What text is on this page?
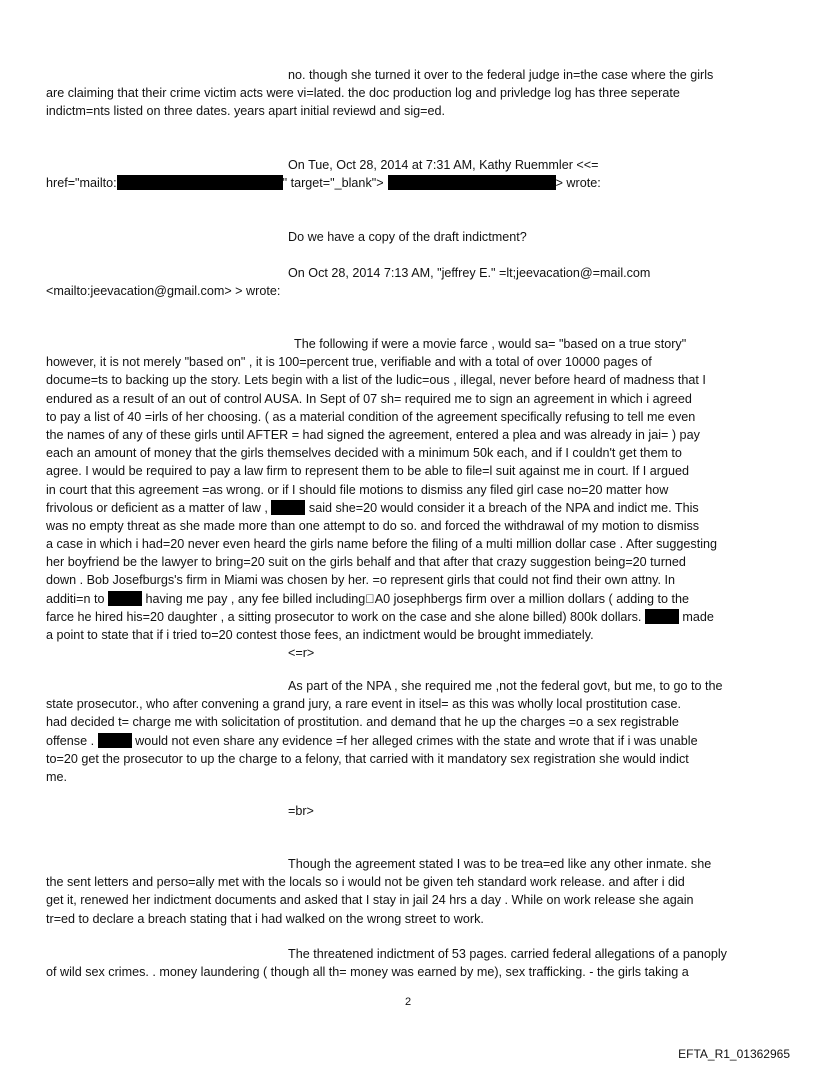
no. though she turned it over to the federal judge in=the case where the girls
are claiming that their crime victim acts were vi=lated. the doc production log and privledge log has three seperate
indictm=nts listed on three dates. years apart initial reviewd and sig=ed.
On Tue, Oct 28, 2014 at 7:31 AM, Kathy Ruemmler <<=
href="mailto:	" target="_blank">	> wrote:
Do we have a copy of the draft indictment?
On Oct 28, 2014 7:13 AM, "jeffrey E." =lt;jeevacation@=mail.com
<mailto:jeevacation@gmail.com> > wrote:
The following if were a movie farce , would sa= "based on a true story"
however, it is not merely "based on" , it is 100=percent true, verifiable and with a total of over 10000 pages of
docume=ts to backing up the story. Lets begin with a list of the ludic=ous , illegal, never before heard of madness that I
endured as a result of an out of control AUSA. In Sept of 07 sh= required me to sign an agreement in which i agreed
to pay a list of 40 =irls of her choosing. ( as a material condition of the agreement specifically refusing to tell me even
the names of any of these girls until AFTER = had signed the agreement, entered a plea and was already in jai= ) pay
each an amount of money that the girls themselves decided with a minimum 50k each, and if I couldn't get them to
agree. I would be required to pay a law firm to represent them to be able to file=l suit against me in court. If I argued
in court that this agreement =as wrong. or if I should file motions to dismiss any filed girl case no=20 matter how
frivolous or deficient as a matter of law ,	said she=20 would consider it a breach of the NPA and indict me. This
was no empty threat as she made more than one attempt to do so. and forced the withdrawal of my motion to dismiss
a case in which i had=20 never even heard the girls name before the filing of a multi million dollar case . After suggesting
her boyfriend be the lawyer to bring=20 suit on the girls behalf and that after that crazy suggestion being=20 turned
down . Bob Josefburgs's firm in Miami was chosen by her. =o represent girls that could not find their own attny. In
additi=n to	having me pay , any fee billed including A0 josephbergs firm over a million dollars ( adding to the
farce he hired his=20 daughter , a sitting prosecutor to work on the case and she alone billed) 800k dollars.	made
a point to state that if i tried to=20 contest those fees, an indictment would be brought immediately.
<=r>
As part of the NPA , she required me ,not the federal govt, but me, to go to the
state prosecutor., who after convening a grand jury, a rare event in itsel= as this was wholly local prostitution case.
had decided t= charge me with solicitation of prostitution. and demand that he up the charges =o a sex registrable
offense .	would not even share any evidence =f her alleged crimes with the state and wrote that if i was unable
to=20 get the prosecutor to up the charge to a felony, that carried with it mandatory sex registration she would indict
me.
=br>
Though the agreement stated I was to be trea=ed like any other inmate. she
the sent letters and perso=ally met with the locals so i would not be given teh standard work release. and after i did
get it, renewed her indictment documents and asked that I stay in jail 24 hrs a day . While on work release she again
tr=ed to declare a breach stating that i had walked on the wrong street to work.
The threatened indictment of 53 pages. carried federal allegations of a panoply
of wild sex crimes. . money laundering ( though all th= money was earned by me), sex trafficking. - the girls taking a
2
EFTA_R1_01362965
